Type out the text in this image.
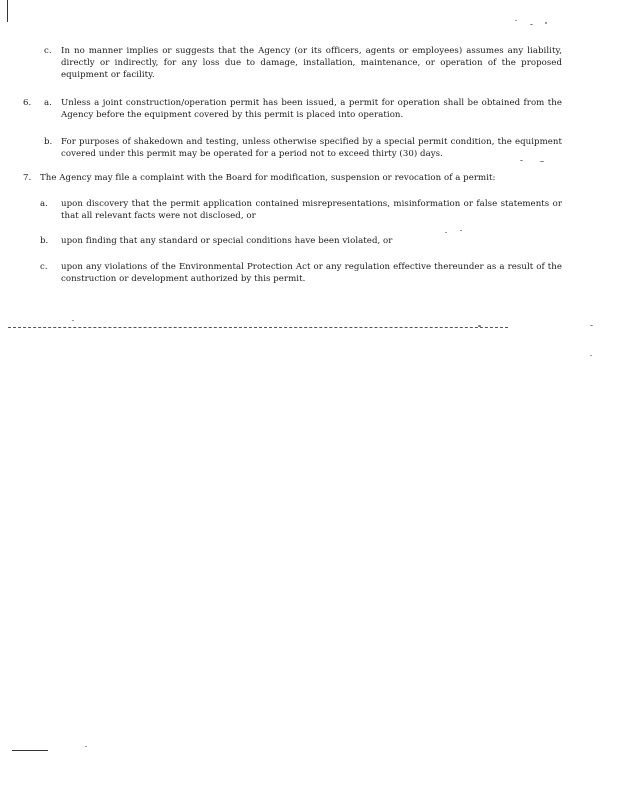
c. In no manner implies or suggests that the Agency (or its officers, agents or employees) assumes any liability, directly or indirectly, for any loss due to damage, installation, maintenance, or operation of the proposed equipment or facility.
6. a. Unless a joint construction/operation permit has been issued, a permit for operation shall be obtained from the Agency before the equipment covered by this permit is placed into operation.
b. For purposes of shakedown and testing, unless otherwise specified by a special permit condition, the equipment covered under this permit may be operated for a period not to exceed thirty (30) days.
7. The Agency may file a complaint with the Board for modification, suspension or revocation of a permit:
a. upon discovery that the permit application contained misrepresentations, misinformation or false statements or that all relevant facts were not disclosed, or
b. upon finding that any standard or special conditions have been violated, or
c. upon any violations of the Environmental Protection Act or any regulation effective thereunder as a result of the construction or development authorized by this permit.
